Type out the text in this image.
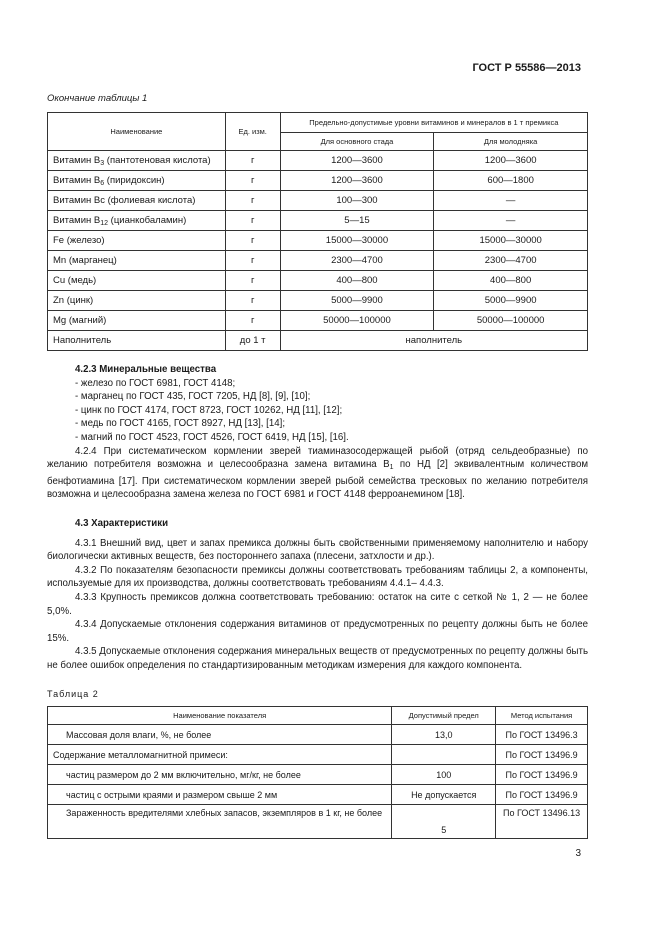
ГОСТ Р 55586—2013
Окончание таблицы 1
Наименование	Ед. изм.	Предельно-допустимые уровни витаминов и минералов в 1 т премикса	
		Для основного стада	Для молодняка
Витамин $B_3$ (пантотеновая кислота)	г	1200—3600	1200—3600
Витамин $B_6$ (пиридоксин)	г	1200—3600	600—1800
Витамин Bc (фолиевая кислота)	г	100—300	—
Витамин $B_{12}$ (цианкобаламин)	г	5—15	—
Fe (железо)	г	15000—30000	15000—30000
Mn (марганец)	г	2300—4700	2300—4700
Cu (медь)	г	400—800	400—800
Zn (цинк)	г	5000—9900	5000—9900
Mg (магний)	г	50000—100000	50000—100000
Наполнитель	до 1 т	наполнитель	
4.2.3 Минеральные вещества
- железо по ГОСТ 6981, ГОСТ 4148;
- марганец по ГОСТ 435, ГОСТ 7205, НД [8], [9], [10];
- цинк по ГОСТ 4174, ГОСТ 8723, ГОСТ 10262, НД [11], [12];
- медь по ГОСТ 4165, ГОСТ 8927, НД [13], [14];
- магний по ГОСТ 4523, ГОСТ 4526, ГОСТ 6419, НД [15], [16].
4.2.4 При систематическом кормлении зверей тиаминазосодержащей рыбой (отряд сельдеобразные) по желанию потребителя возможна и целесообразна замена витамина $B_1$ по НД [2] эквивалентным количеством бенфотиамина [17]. При систематическом кормлении зверей рыбой семейства тресковых по желанию потребителя возможна и целесообразна замена железа по ГОСТ 6981 и ГОСТ 4148 ферроанемином [18].
4.3 Характеристики
4.3.1 Внешний вид, цвет и запах премикса должны быть свойственными применяемому наполнителю и набору биологически активных веществ, без постороннего запаха (плесени, затхлости и др.).
4.3.2 По показателям безопасности премиксы должны соответствовать требованиям таблицы 2, а компоненты, используемые для их производства, должны соответствовать требованиям 4.4.1– 4.4.3.
4.3.3 Крупность премиксов должна соответствовать требованию: остаток на сите с сеткой № 1, 2 — не более 5,0%.
4.3.4 Допускаемые отклонения содержания витаминов от предусмотренных по рецепту должны быть не более 15%.
4.3.5 Допускаемые отклонения содержания минеральных веществ от предусмотренных по рецепту должны быть не более ошибок определения по стандартизированным методикам измерения для каждого компонента.
Таблица 2
Наименование показателя	Допустимый предел	Метод испытания
Массовая доля влаги, %, не более	13,0	По ГОСТ 13496.3
Содержание металломагнитной примеси:		По ГОСТ 13496.9
частиц размером до 2 мм включительно, мг/кг, не более	100	По ГОСТ 13496.9
частиц с острыми краями и размером свыше 2 мм	Не допускается	По ГОСТ 13496.9
Зараженность вредителями хлебных запасов, экземпляров в 1 кг, не более	5	По ГОСТ 13496.13
3
